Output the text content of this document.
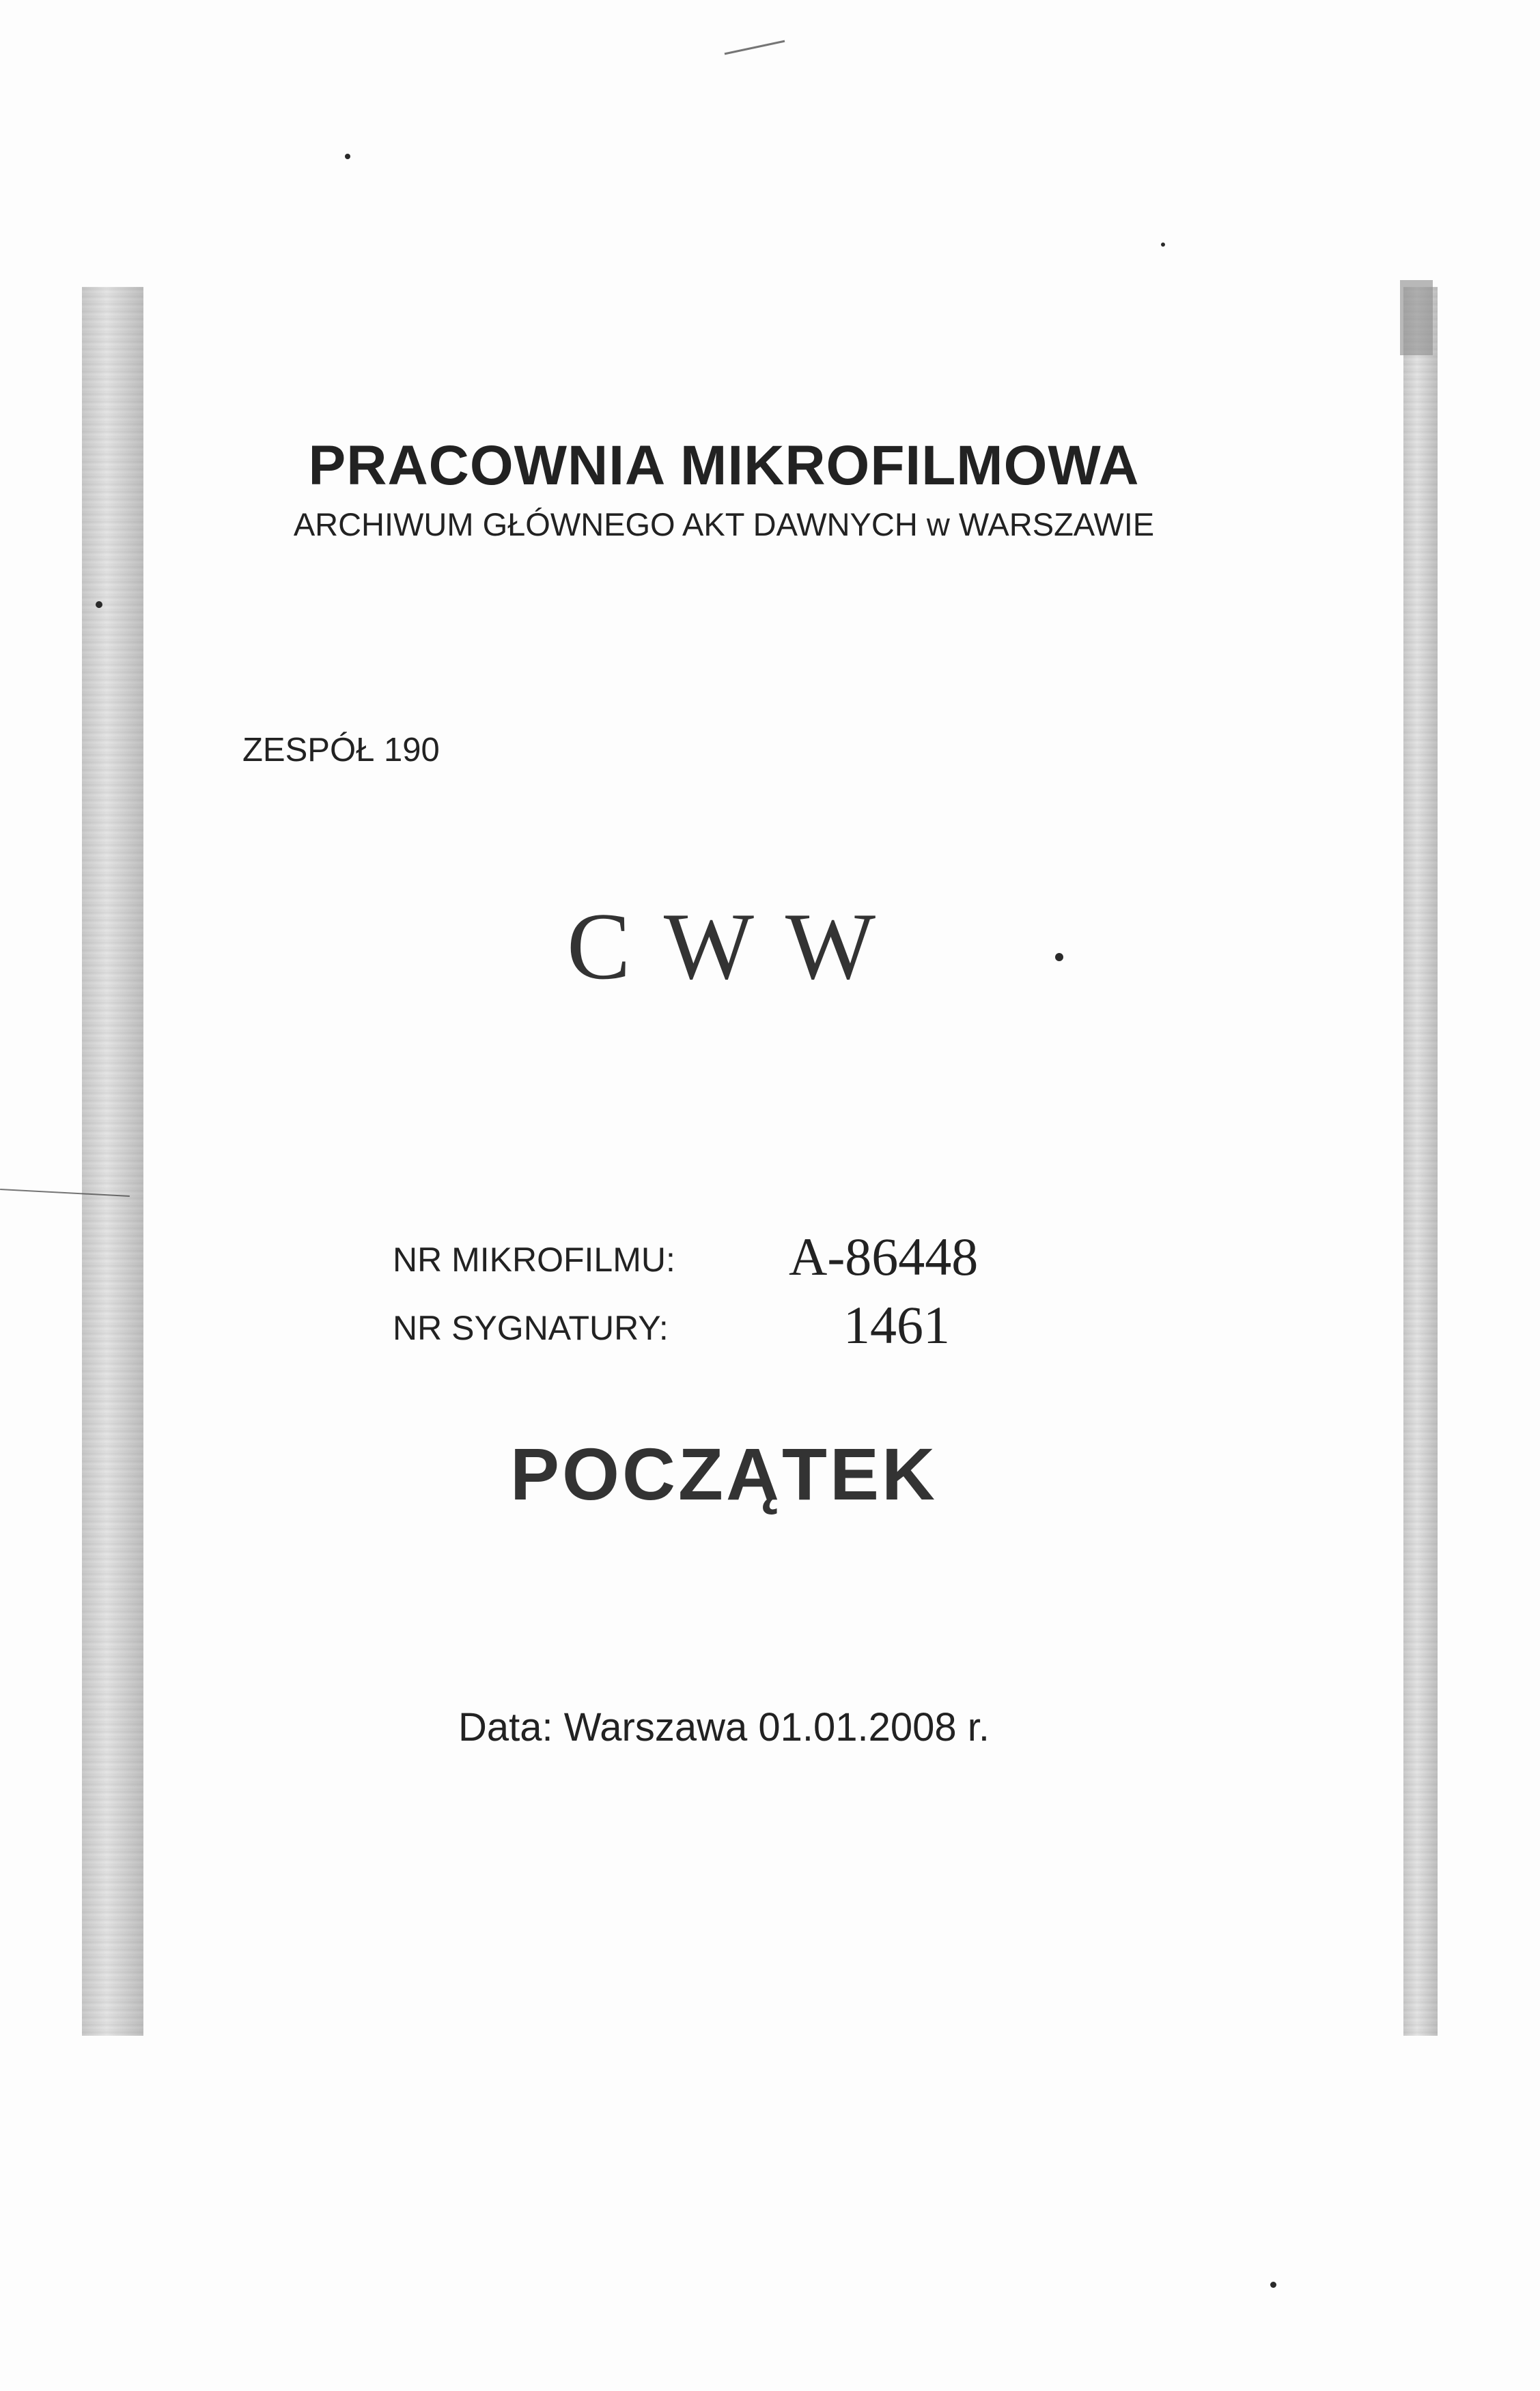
PRACOWNIA MIKROFILMOWA
ARCHIWUM GŁÓWNEGO AKT DAWNYCH w WARSZAWIE
ZESPÓŁ 190
C W W
NR MIKROFILMU: A-86448
NR SYGNATURY:	1461
POCZĄTEK
Data: Warszawa 01.01.2008 r.
